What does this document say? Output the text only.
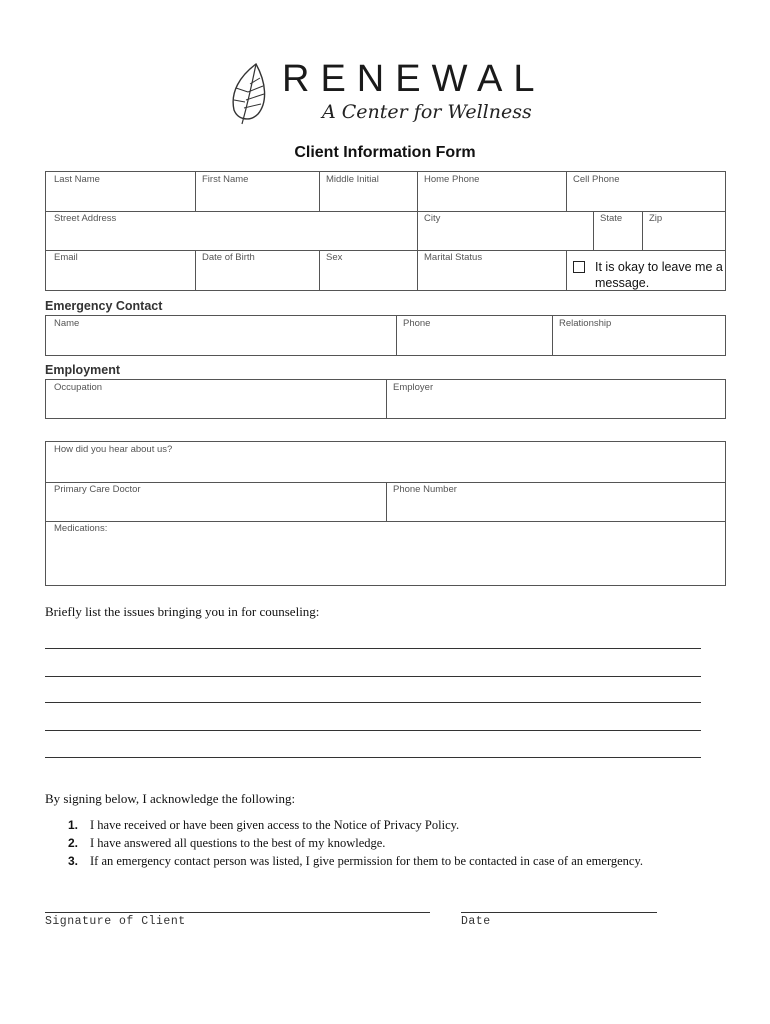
RENEWAL
A Center for Wellness
Client Information Form
Last Name	First Name	Middle Initial	Home Phone	Cell Phone
Street Address	City	State	Zip
Email	Date of Birth	Sex	Marital Status
It is okay to leave me a message.
Emergency Contact
Name	Phone	Relationship
Employment
Occupation	Employer
How did you hear about us?
Primary Care Doctor	Phone Number
Medications:
Briefly list the issues bringing you in for counseling:
By signing below, I acknowledge the following:
1. I have received or have been given access to the Notice of Privacy Policy.
2. I have answered all questions to the best of my knowledge.
3. If an emergency contact person was listed, I give permission for them to be contacted in case of an emergency.
Signature of Client	Date
